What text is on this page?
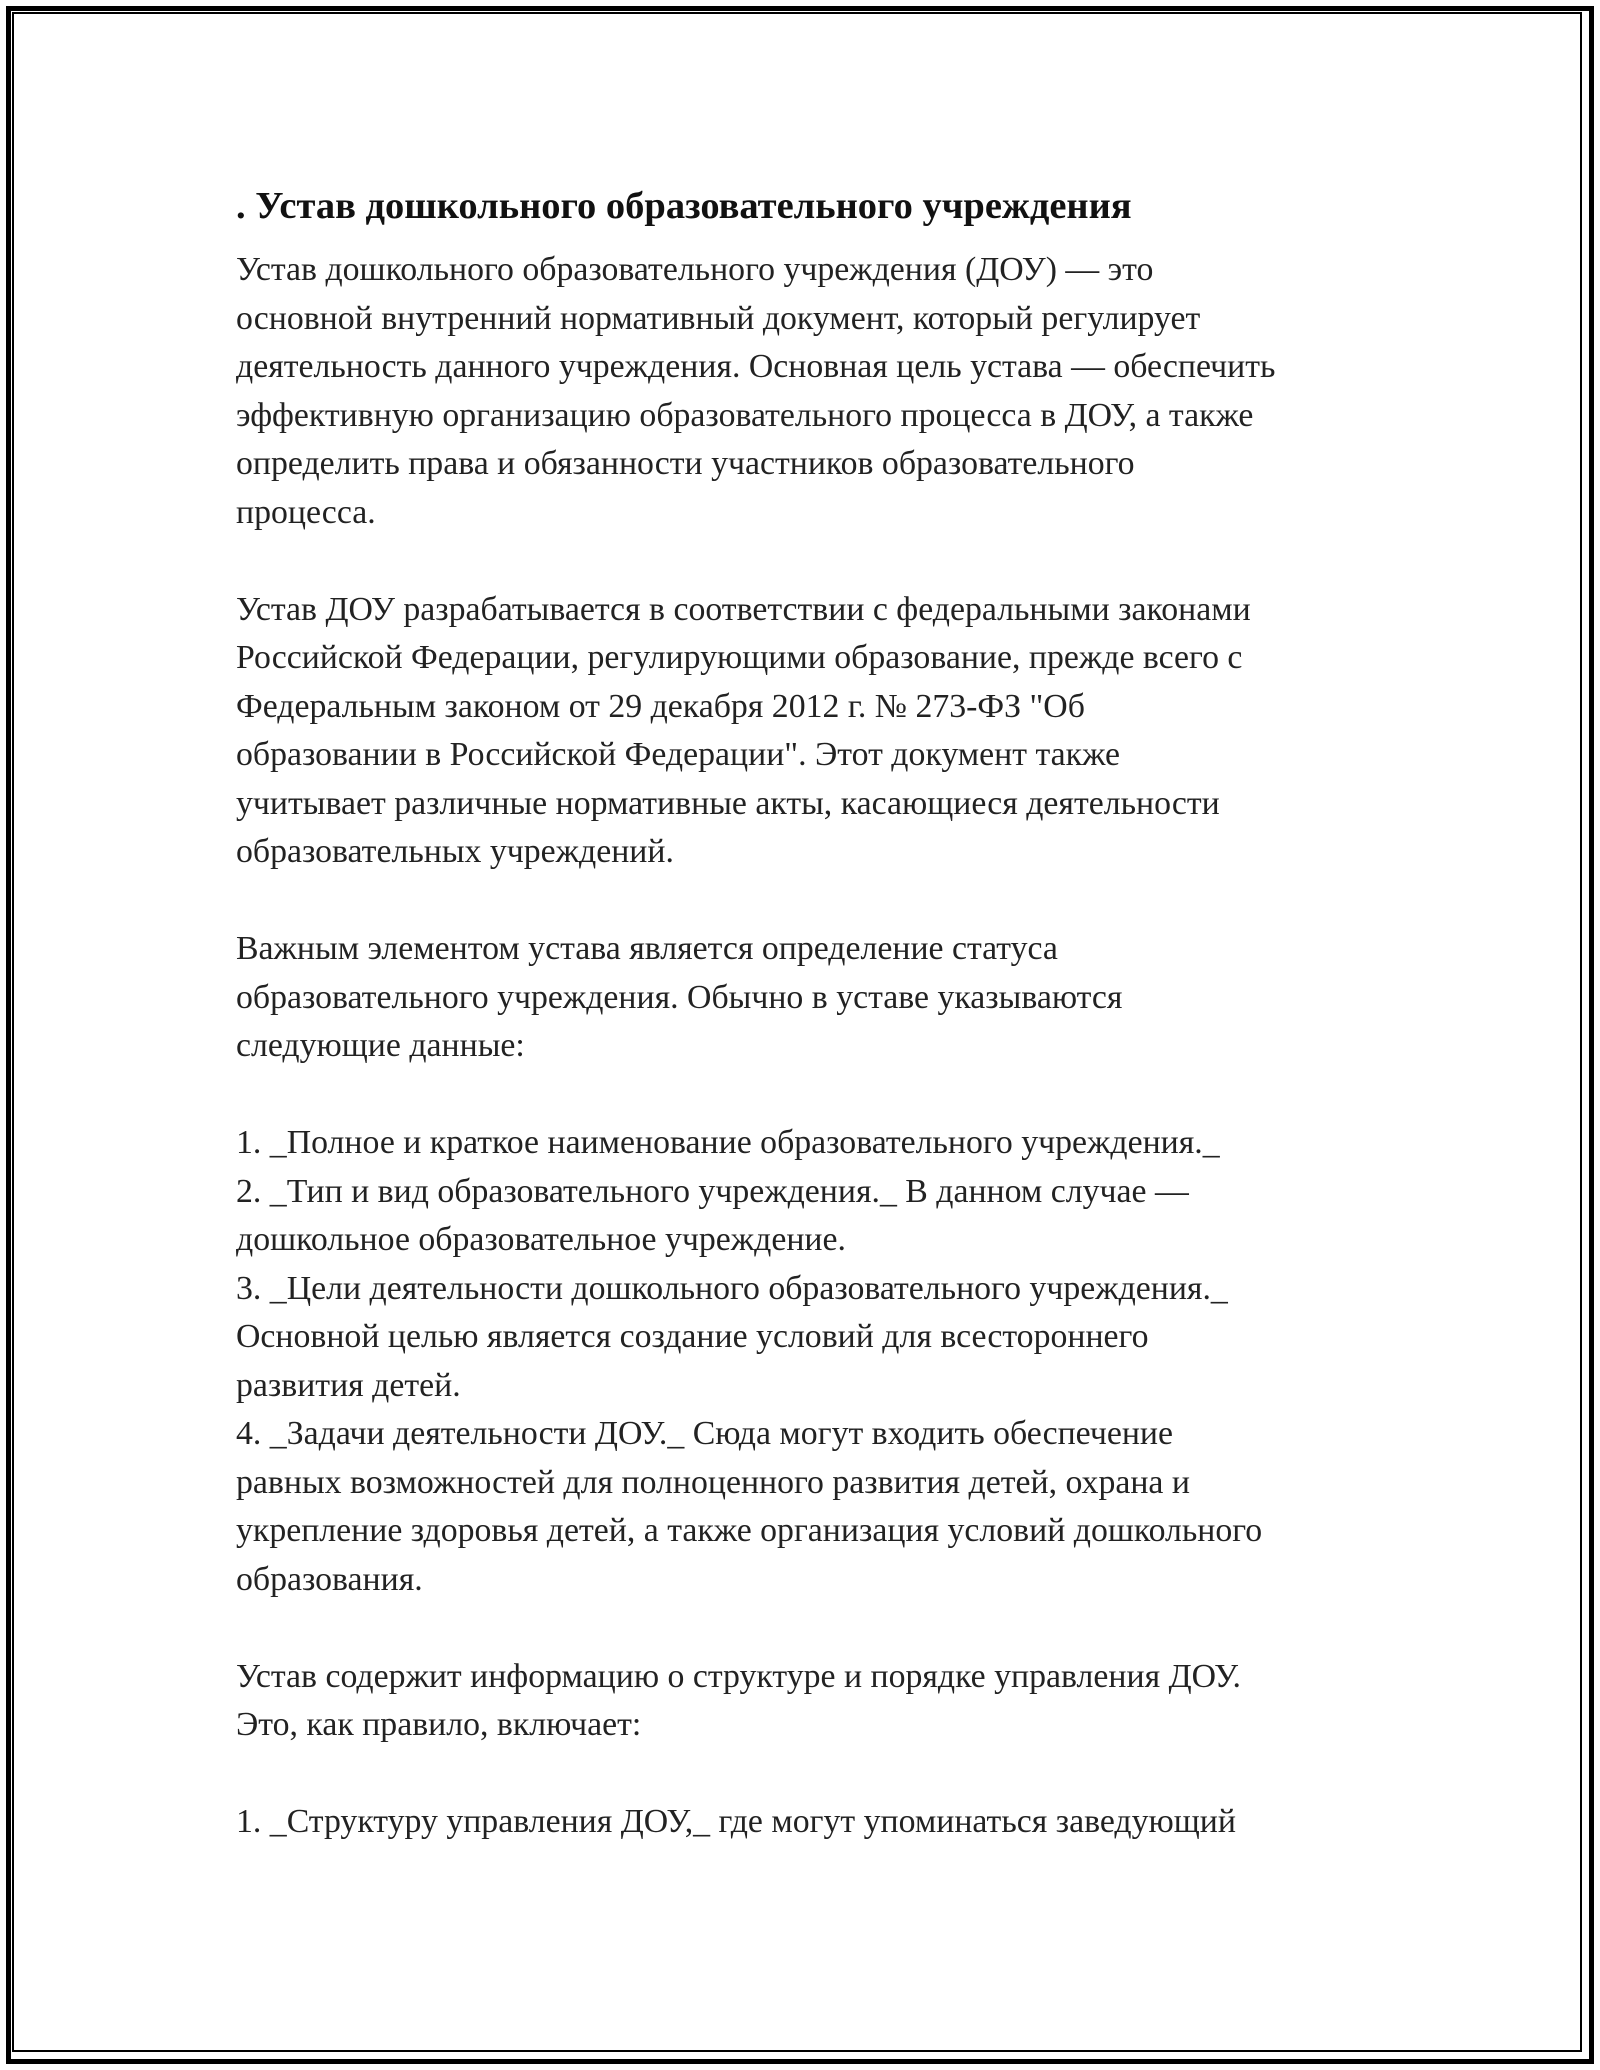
. Устав дошкольного образовательного учреждения

Устав дошкольного образовательного учреждения (ДОУ) — это
основной внутренний нормативный документ, который регулирует
деятельность данного учреждения. Основная цель устава — обеспечить
эффективную организацию образовательного процесса в ДОУ, а также
определить права и обязанности участников образовательного
процесса.

Устав ДОУ разрабатывается в соответствии с федеральными законами
Российской Федерации, регулирующими образование, прежде всего с
Федеральным законом от 29 декабря 2012 г. № 273-ФЗ "Об
образовании в Российской Федерации". Этот документ также
учитывает различные нормативные акты, касающиеся деятельности
образовательных учреждений.

Важным элементом устава является определение статуса
образовательного учреждения. Обычно в уставе указываются
следующие данные:

1. _Полное и краткое наименование образовательного учреждения._
2. _Тип и вид образовательного учреждения._ В данном случае —
дошкольное образовательное учреждение.
3. _Цели деятельности дошкольного образовательного учреждения._
Основной целью является создание условий для всестороннего
развития детей.
4. _Задачи деятельности ДОУ._ Сюда могут входить обеспечение
равных возможностей для полноценного развития детей, охрана и
укрепление здоровья детей, а также организация условий дошкольного
образования.

Устав содержит информацию о структуре и порядке управления ДОУ.
Это, как правило, включает:

1. _Структуру управления ДОУ,_ где могут упоминаться заведующий
